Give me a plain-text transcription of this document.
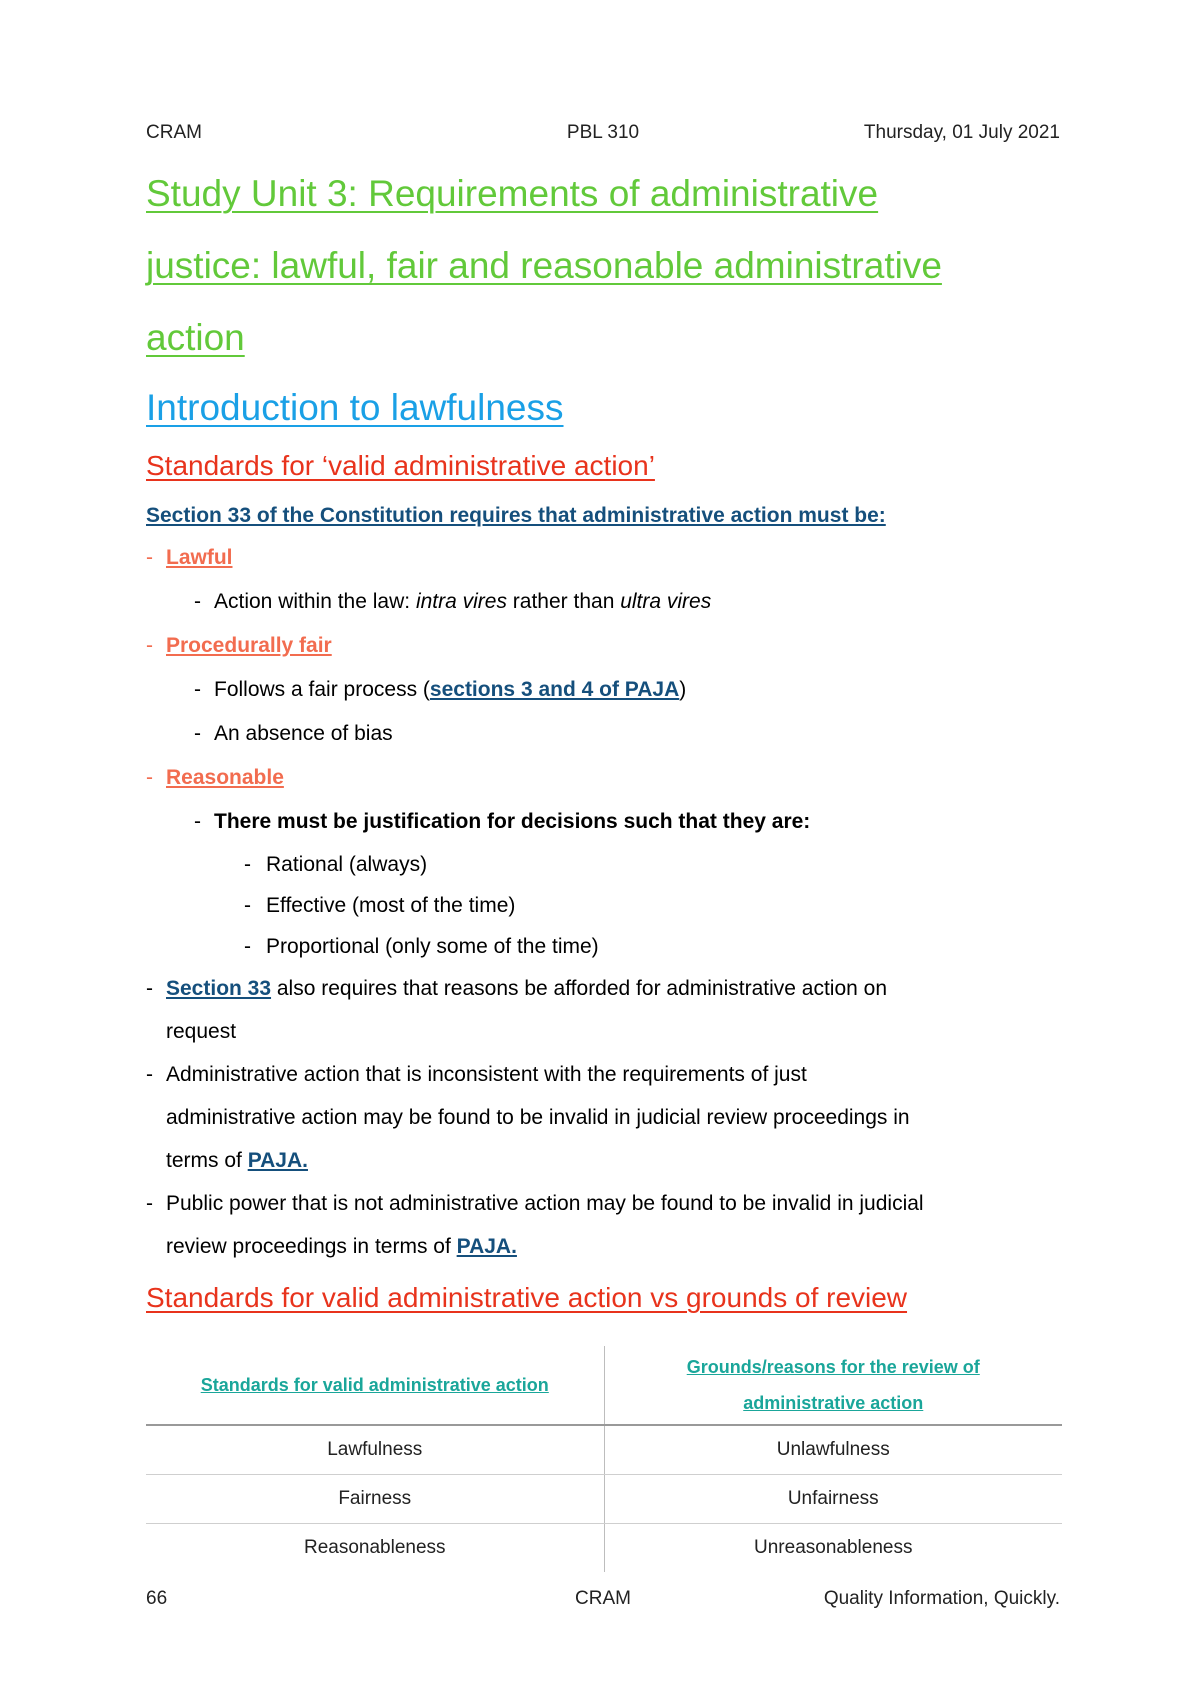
CRAM	PBL 310	Thursday, 01 July 2021
Study Unit 3: Requirements of administrative
justice: lawful, fair and reasonable administrative
action
Introduction to lawfulness
Standards for ‘valid administrative action’
Section 33 of the Constitution requires that administrative action must be:
- Lawful
- Action within the law: intra vires rather than ultra vires
- Procedurally fair
- Follows a fair process (sections 3 and 4 of PAJA)
- An absence of bias
- Reasonable
- There must be justification for decisions such that they are:
- Rational (always)
- Effective (most of the time)
- Proportional (only some of the time)
- Section 33 also requires that reasons be afforded for administrative action on
request
- Administrative action that is inconsistent with the requirements of just
administrative action may be found to be invalid in judicial review proceedings in
terms of PAJA.
- Public power that is not administrative action may be found to be invalid in judicial
review proceedings in terms of PAJA.
Standards for valid administrative action vs grounds of review
Standards for valid administrative action	Grounds/reasons for the review of
administrative action
Lawfulness	Unlawfulness
Fairness	Unfairness
Reasonableness	Unreasonableness
66	CRAM	Quality Information, Quickly.
